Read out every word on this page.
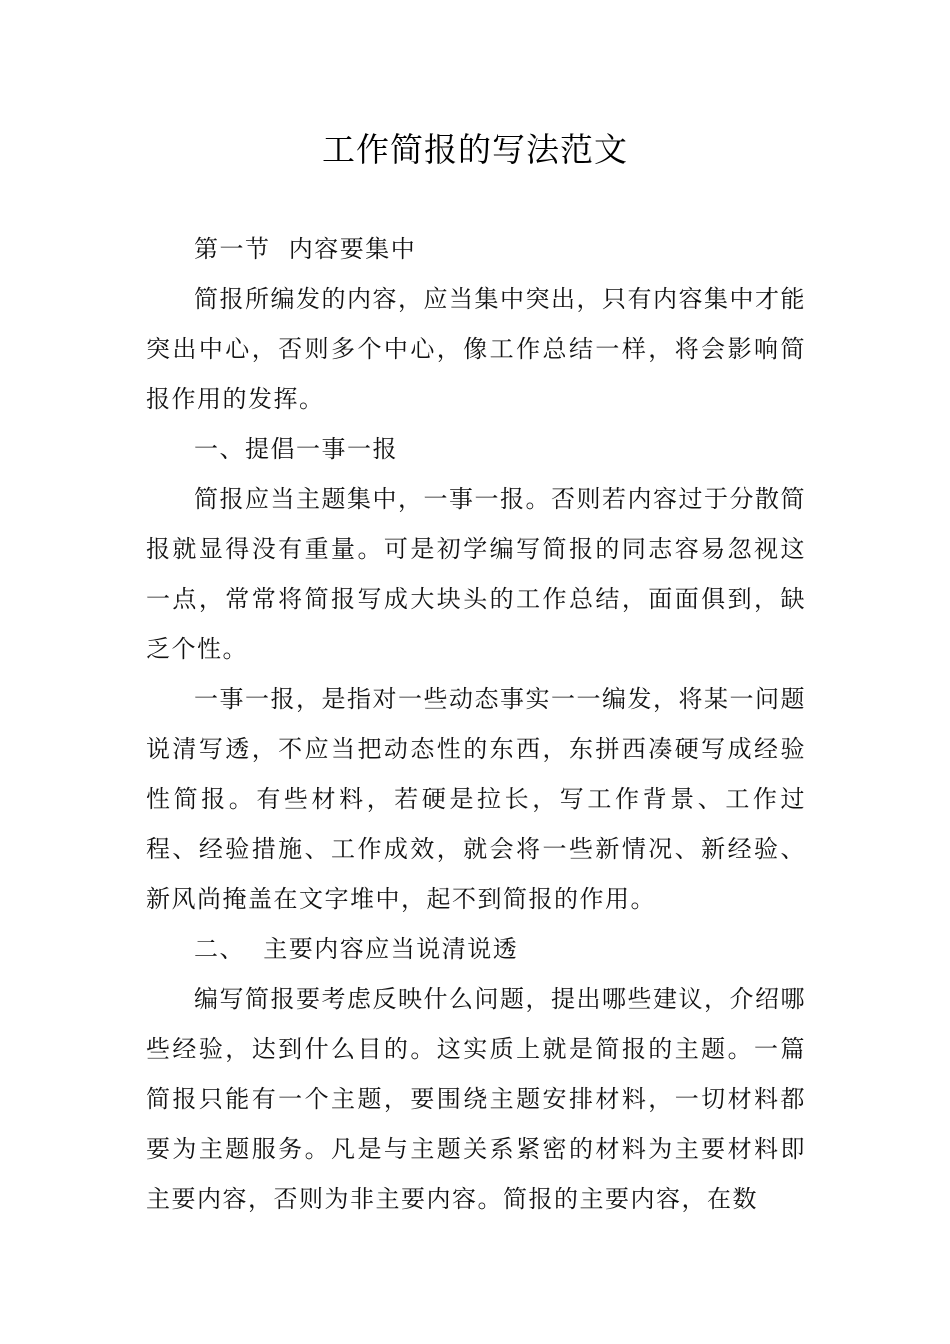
工作简报的写法范文

第一节  内容要集中

简报所编发的内容，应当集中突出，只有内容集中才能突出中心，否则多个中心，像工作总结一样，将会影响简报作用的发挥。

一、提倡一事一报

简报应当主题集中，一事一报。否则若内容过于分散简报就显得没有重量。可是初学编写简报的同志容易忽视这一点，常常将简报写成大块头的工作总结，面面俱到，缺乏个性。

一事一报，是指对一些动态事实一一编发，将某一问题说清写透，不应当把动态性的东西，东拼西凑硬写成经验性简报。有些材料，若硬是拉长，写工作背景、工作过程、经验措施、工作成效，就会将一些新情况、新经验、新风尚掩盖在文字堆中，起不到简报的作用。

二、  主要内容应当说清说透

编写简报要考虑反映什么问题，提出哪些建议，介绍哪些经验，达到什么目的。这实质上就是简报的主题。一篇简报只能有一个主题，要围绕主题安排材料，一切材料都要为主题服务。凡是与主题关系紧密的材料为主要材料即主要内容，否则为非主要内容。简报的主要内容，在数
